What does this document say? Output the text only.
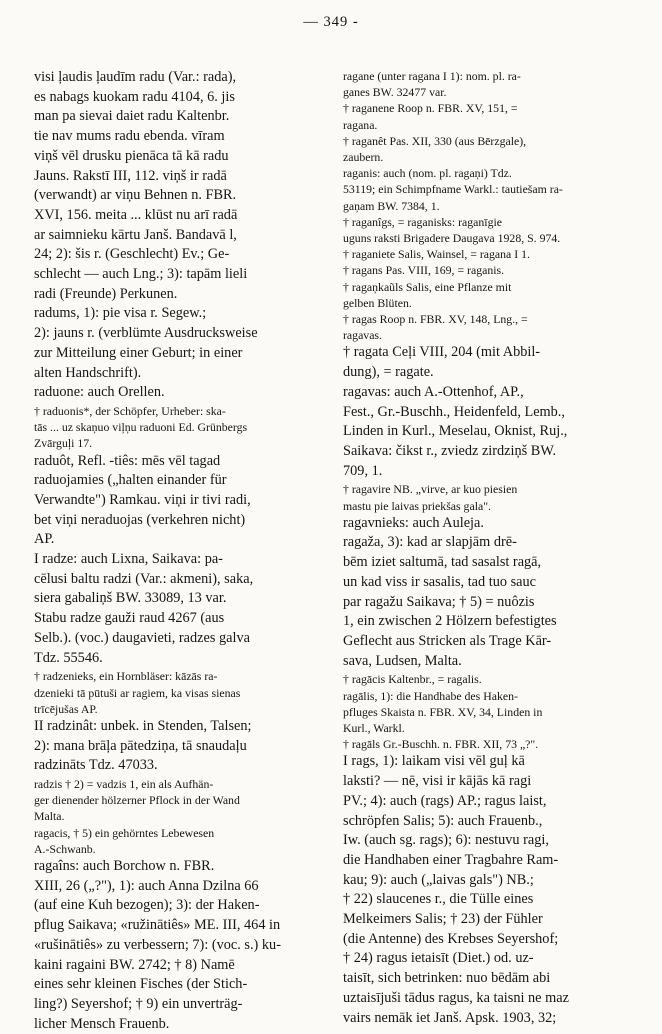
— 349 -
visi ļaudis ļaudīm radu (Var.: rada),
es nabags kuokam radu 4104, 6. jis
man pa sievai daiet radu Kaltenbr.
tie nav mums radu ebenda. vīram
viņš vēl drusku pienāca tā kā radu
Jauns. Rakstī III, 112. viņš ir radā
(verwandt) ar viņu Behnen n. FBR.
XVI, 156. meita ... klūst nu arī radā
ar saimnieku kārtu Janš. Bandavā l,
24; 2): šis r. (Geschlecht) Ev.; Ge-
schlecht — auch Lng.; 3): tapām lieli
radi (Freunde) Perkunen.
radums, 1): pie visa r. Segew.;
2): jauns r. (verblümte Ausdrucksweise
zur Mitteilung einer Geburt; in einer
alten Handschrift).
raduone: auch Orellen.
† raduonis*, der Schöpfer, Urheber: ska-
tās ... uz skaņuo viļņu raduoni Ed. Grünbergs
Zvārguļi 17.
raduôt, Refl. -tiês: mēs vēl tagad
raduojamies („halten einander für
Verwandte") Ramkau. viņi ir tivi radi,
bet viņi neraduojas (verkehren nicht)
AP.
I radze: auch Lixna, Saikava: pa-
cēlusi baltu radzi (Var.: akmeni), saka,
siera gabaliņš BW. 33089, 13 var.
Stabu radze gauži raud 4267 (aus
Selb.). (voc.) daugavieti, radzes galva
Tdz. 55546.
† radzenieks, ein Hornbläser: kāzās ra-
dzenieki tā pūtuši ar ragiem, ka visas sienas
trīcējušas AP.
II radzinât: unbek. in Stenden, Talsen;
2): mana brāļa pātedziņa, tā snaudaļu
radzināts Tdz. 47033.
radzis † 2) = vadzis 1, ein als Aufhän-
ger dienender hölzerner Pflock in der Wand
Malta.
ragacis, † 5) ein gehörntes Lebewesen
A.-Schwanb.
ragaîns: auch Borchow n. FBR.
XIII, 26 („?"), 1): auch Anna Dzilna 66
(auf eine Kuh bezogen); 3): der Haken-
pflug Saikava; «ružinātiês» ME. III, 464 in
«rušinātiês» zu verbessern; 7): (voc. s.) ku-
kaini ragaini BW. 2742; † 8) Namē
eines sehr kleinen Fisches (der Stich-
ling?) Seyershof; † 9) ein unverträg-
licher Mensch Frauenb.
ragane (unter ragana I 1): nom. pl. ra-
ganes BW. 32477 var.
† raganene Roop n. FBR. XV, 151, =
ragana.
† raganêt Pas. XII, 330 (aus Bērzgale),
zaubern.
raganis: auch (nom. pl. ragaņi) Tdz.
53119; ein Schimpfname Warkl.: tautiešam ra-
gaņam BW. 7384, 1.
† raganîgs, = raganisks: raganīgie
uguns raksti Brigadere Daugava 1928, S. 974.
† raganiete Salis, Wainsel, = ragana I 1.
† ragans Pas. VIII, 169, = raganis.
† ragaņkaũls Salis, eine Pflanze mit
gelben Blüten.
† ragas Roop n. FBR. XV, 148, Lng., =
ragavas.
† ragata Ceļi VIII, 204 (mit Abbil-
dung), = ragate.
ragavas: auch A.-Ottenhof, AP.,
Fest., Gr.-Buschh., Heidenfeld, Lemb.,
Linden in Kurl., Meselau, Oknist, Ruj.,
Saikava: čikst r., zviedz zirdziņš BW.
709, 1.
† ragavire NB. „virve, ar kuo piesien
mastu pie laivas priekšas gala".
ragavnieks: auch Auleja.
ragaža, 3): kad ar slapjām drē-
bēm iziet saltumā, tad sasalst ragā,
un kad viss ir sasalis, tad tuo sauc
par ragažu Saikava; † 5) = nuôzis
1, ein zwischen 2 Hölzern befestigtes
Geflecht aus Stricken als Trage Kār-
sava, Ludsen, Malta.
† ragācis Kaltenbr., = ragalis.
ragālis, 1): die Handhabe des Haken-
pfluges Skaista n. FBR. XV, 34, Linden in
Kurl., Warkl.
† ragāls Gr.-Buschh. n. FBR. XII, 73 „?".
I rags, 1): laikam visi vēl guļ kā
laksti? — nē, visi ir kājās kā ragi
PV.; 4): auch (rags) AP.; ragus laist,
schröpfen Salis; 5): auch Frauenb.,
Iw. (auch sg. rags); 6): nestuvu ragi,
die Handhaben einer Tragbahre Ram-
kau; 9): auch („laivas gals") NB.;
† 22) slaucenes r., die Tülle eines
Melkeimers Salis; † 23) der Fühler
(die Antenne) des Krebses Seyershof;
† 24) ragus ietaisīt (Diet.) od. uz-
taisīt, sich betrinken: nuo bēdām abi
uztaisījuši tādus ragus, ka taisni ne maz
vairs nemāk iet Janš. Apsk. 1903, 32;
